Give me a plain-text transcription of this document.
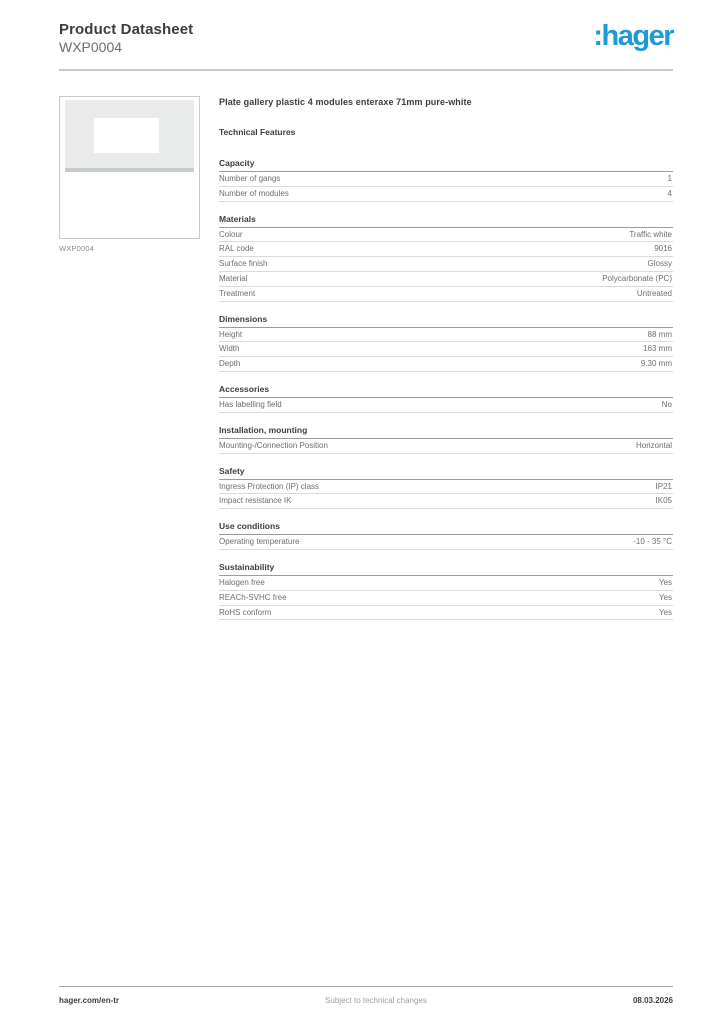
Product Datasheet
WXP0004	:hager
WXP0004
Plate gallery plastic 4 modules enteraxe 71mm pure-white
Technical Features
Capacity
Number of gangs	1
Number of modules	4
Materials
Colour	Traffic white
RAL code	9016
Surface finish	Glossy
Material	Polycarbonate (PC)
Treatment	Untreated
Dimensions
Height	88 mm
Width	163 mm
Depth	9.30 mm
Accessories
Has labelling field	No
Installation, mounting
Mounting-/Connection Position	Horizontal
Safety
Ingress Protection (IP) class	IP21
Impact resistance IK	IK05
Use conditions
Operating temperature	-10 - 35 °C
Sustainability
Halogen free	Yes
REACh-SVHC free	Yes
RoHS conform	Yes
hager.com/en-tr	Subject to technical changes	08.03.2026
